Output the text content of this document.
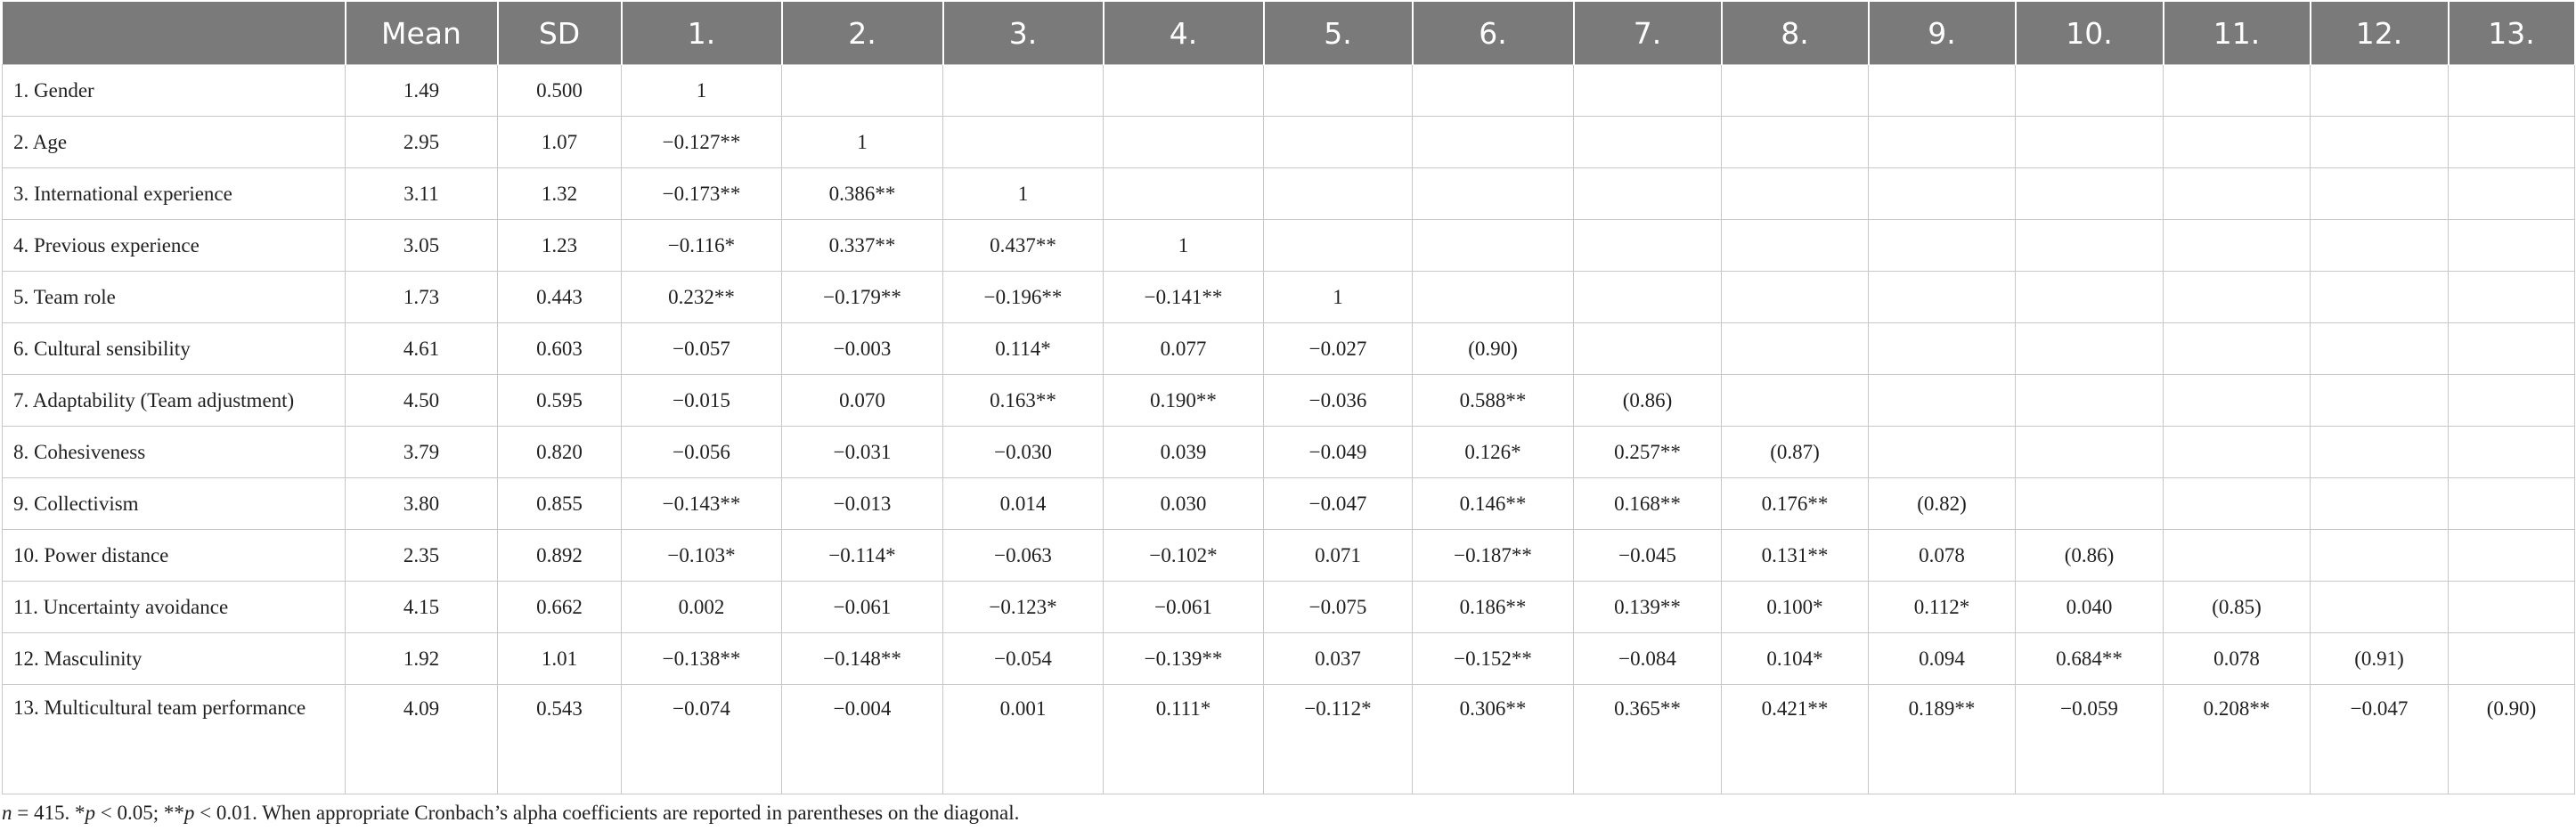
	Mean	SD	1.	2.	3.	4.	5.	6.	7.	8.	9.	10.	11.	12.	13.
1. Gender	1.49	0.500	1												
2. Age	2.95	1.07	−0.127**	1											
3. International experience	3.11	1.32	−0.173**	0.386**	1										
4. Previous experience	3.05	1.23	−0.116*	0.337**	0.437**	1									
5. Team role	1.73	0.443	0.232**	−0.179**	−0.196**	−0.141**	1								
6. Cultural sensibility	4.61	0.603	−0.057	−0.003	0.114*	0.077	−0.027	(0.90)							
7. Adaptability (Team adjustment)	4.50	0.595	−0.015	0.070	0.163**	0.190**	−0.036	0.588**	(0.86)						
8. Cohesiveness	3.79	0.820	−0.056	−0.031	−0.030	0.039	−0.049	0.126*	0.257**	(0.87)					
9. Collectivism	3.80	0.855	−0.143**	−0.013	0.014	0.030	−0.047	0.146**	0.168**	0.176**	(0.82)				
10. Power distance	2.35	0.892	−0.103*	−0.114*	−0.063	−0.102*	0.071	−0.187**	−0.045	0.131**	0.078	(0.86)			
11. Uncertainty avoidance	4.15	0.662	0.002	−0.061	−0.123*	−0.061	−0.075	0.186**	0.139**	0.100*	0.112*	0.040	(0.85)		
12. Masculinity	1.92	1.01	−0.138**	−0.148**	−0.054	−0.139**	0.037	−0.152**	−0.084	0.104*	0.094	0.684**	0.078	(0.91)	
13. Multicultural team performance	4.09	0.543	−0.074	−0.004	0.001	0.111*	−0.112*	0.306**	0.365**	0.421**	0.189**	−0.059	0.208**	−0.047	(0.90)
n = 415. *p < 0.05; **p < 0.01. When appropriate Cronbach’s alpha coefficients are reported in parentheses on the diagonal.
